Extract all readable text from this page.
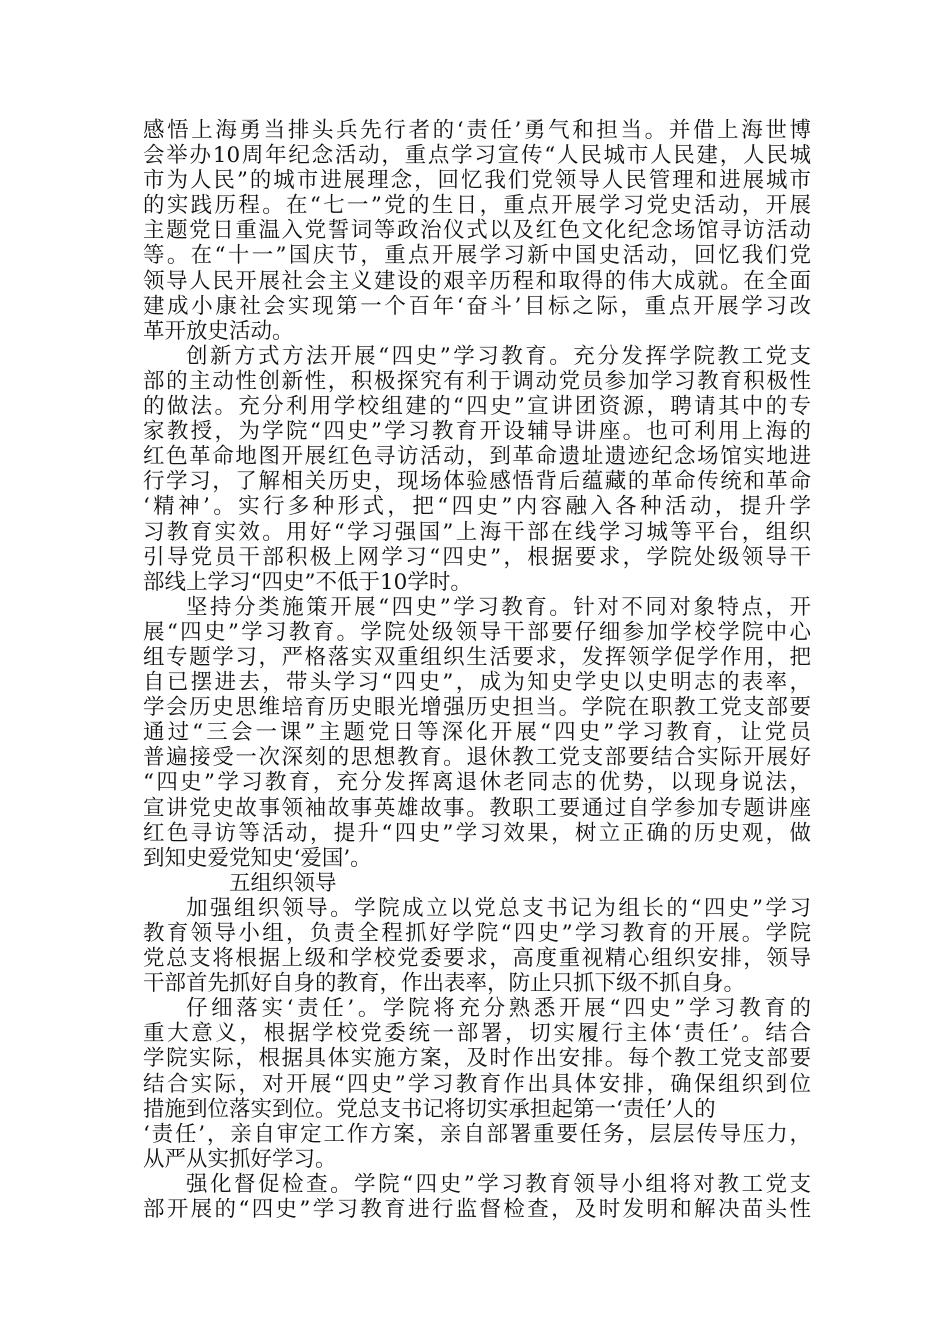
感悟上海勇当排头兵先行者的‘责任’勇气和担当。并借上海世博
会举办10周年纪念活动，重点学习宣传“人民城市人民建，人民城
市为人民”的城市进展理念，回忆我们党领导人民管理和进展城市
的实践历程。在“七一”党的生日，重点开展学习党史活动，开展
主题党日重温入党誓词等政治仪式以及红色文化纪念场馆寻访活动
等。在“十一”国庆节，重点开展学习新中国史活动，回忆我们党
领导人民开展社会主义建设的艰辛历程和取得的伟大成就。在全面
建成小康社会实现第一个百年‘奋斗’目标之际，重点开展学习改
革开放史活动。
创新方式方法开展“四史”学习教育。充分发挥学院教工党支
部的主动性创新性，积极探究有利于调动党员参加学习教育积极性
的做法。充分利用学校组建的“四史”宣讲团资源，聘请其中的专
家教授，为学院“四史”学习教育开设辅导讲座。也可利用上海的
红色革命地图开展红色寻访活动，到革命遗址遗迹纪念场馆实地进
行学习，了解相关历史，现场体验感悟背后蕴藏的革命传统和革命
‘精神’。实行多种形式，把“四史”内容融入各种活动，提升学
习教育实效。用好“学习强国”上海干部在线学习城等平台，组织
引导党员干部积极上网学习“四史”，根据要求，学院处级领导干
部线上学习“四史”不低于10学时。
坚持分类施策开展“四史”学习教育。针对不同对象特点，开
展“四史”学习教育。学院处级领导干部要仔细参加学校学院中心
组专题学习，严格落实双重组织生活要求，发挥领学促学作用，把
自已摆进去，带头学习“四史”，成为知史学史以史明志的表率，
学会历史思维培育历史眼光增强历史担当。学院在职教工党支部要
通过“三会一课”主题党日等深化开展“四史”学习教育，让党员
普遍接受一次深刻的思想教育。退休教工党支部要结合实际开展好
“四史”学习教育，充分发挥离退休老同志的优势，以现身说法，
宣讲党史故事领袖故事英雄故事。教职工要通过自学参加专题讲座
红色寻访等活动，提升“四史”学习效果，树立正确的历史观，做
到知史爱党知史‘爱国’。
五组织领导
加强组织领导。学院成立以党总支书记为组长的“四史”学习
教育领导小组，负责全程抓好学院“四史”学习教育的开展。学院
党总支将根据上级和学校党委要求，高度重视精心组织安排，领导
干部首先抓好自身的教育，作出表率，防止只抓下级不抓自身。
仔细落实‘责任’。学院将充分熟悉开展“四史”学习教育的
重大意义，根据学校党委统一部署，切实履行主体‘责任’。结合
学院实际，根据具体实施方案，及时作出安排。每个教工党支部要
结合实际，对开展“四史”学习教育作出具体安排，确保组织到位
措施到位落实到位。党总支书记将切实承担起第一‘责任’人的
‘责任’，亲自审定工作方案，亲自部署重要任务，层层传导压力，
从严从实抓好学习。
强化督促检查。学院“四史”学习教育领导小组将对教工党支
部开展的“四史”学习教育进行监督检查，及时发明和解决苗头性
